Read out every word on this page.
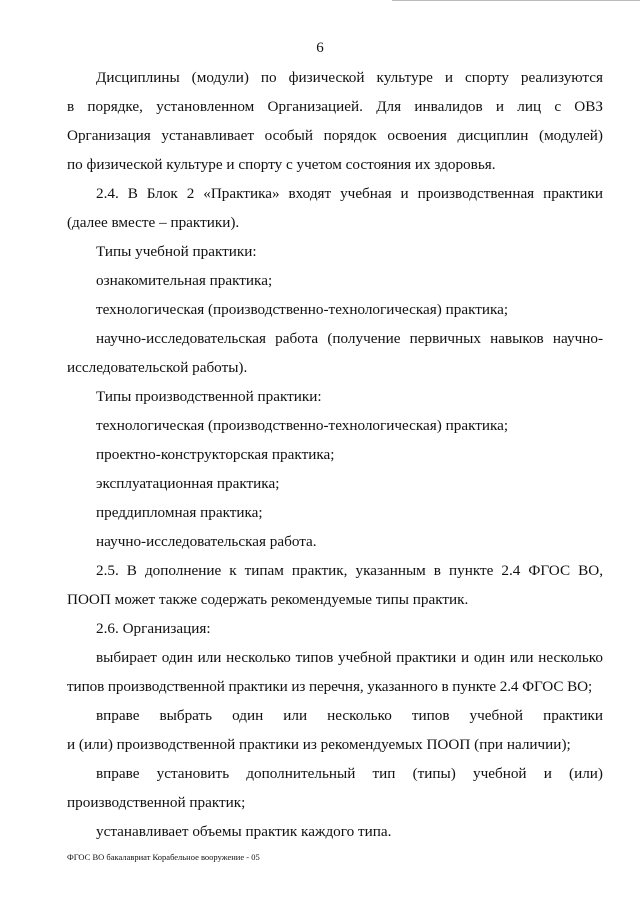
6
Дисциплины (модули) по физической культуре и спорту реализуются
в порядке, установленном Организацией. Для инвалидов и лиц с ОВЗ
Организация устанавливает особый порядок освоения дисциплин (модулей)
по физической культуре и спорту с учетом состояния их здоровья.
2.4. В Блок 2 «Практика» входят учебная и производственная практики
(далее вместе – практики).
Типы учебной практики:
ознакомительная практика;
технологическая (производственно-технологическая) практика;
научно-исследовательская работа (получение первичных навыков научно-
исследовательской работы).
Типы производственной практики:
технологическая (производственно-технологическая) практика;
проектно-конструкторская практика;
эксплуатационная практика;
преддипломная практика;
научно-исследовательская работа.
2.5. В дополнение к типам практик, указанным в пункте 2.4 ФГОС ВО,
ПООП может также содержать рекомендуемые типы практик.
2.6. Организация:
выбирает один или несколько типов учебной практики и один или несколько
типов производственной практики из перечня, указанного в пункте 2.4 ФГОС ВО;
вправе выбрать один или несколько типов учебной практики
и (или) производственной практики из рекомендуемых ПООП (при наличии);
вправе установить дополнительный тип (типы) учебной и (или)
производственной практик;
устанавливает объемы практик каждого типа.
ФГОС ВО бакалавриат Корабельное вооружение - 05
